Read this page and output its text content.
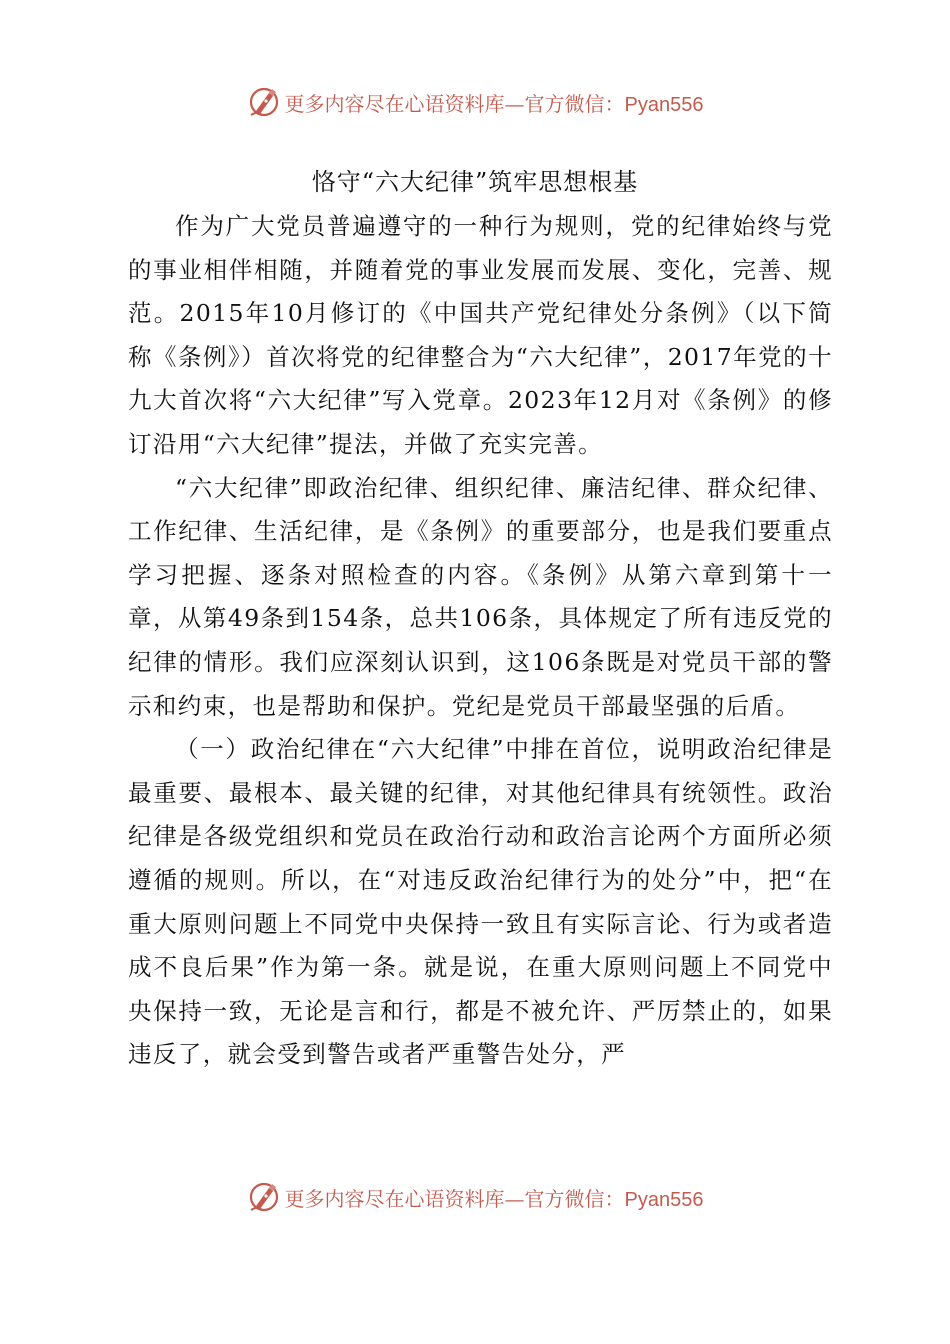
更多内容尽在心语资料库—官方微信：Pyan556
恪守“六大纪律”筑牢思想根基

作为广大党员普遍遵守的一种行为规则，党的纪律始终与党的事业相伴相随，并随着党的事业发展而发展、变化，完善、规范。2015年10月修订的《中国共产党纪律处分条例》（以下简称《条例》）首次将党的纪律整合为“六大纪律”，2017年党的十九大首次将“六大纪律”写入党章。2023年12月对《条例》的修订沿用“六大纪律”提法，并做了充实完善。

“六大纪律”即政治纪律、组织纪律、廉洁纪律、群众纪律、工作纪律、生活纪律，是《条例》的重要部分，也是我们要重点学习把握、逐条对照检查的内容。《条例》从第六章到第十一章，从第49条到154条，总共106条，具体规定了所有违反党的纪律的情形。我们应深刻认识到，这106条既是对党员干部的警示和约束，也是帮助和保护。党纪是党员干部最坚强的后盾。

（一）政治纪律在“六大纪律”中排在首位，说明政治纪律是最重要、最根本、最关键的纪律，对其他纪律具有统领性。政治纪律是各级党组织和党员在政治行动和政治言论两个方面所必须遵循的规则。所以，在“对违反政治纪律行为的处分”中，把“在重大原则问题上不同党中央保持一致且有实际言论、行为或者造成不良后果”作为第一条。就是说，在重大原则问题上不同党中央保持一致，无论是言和行，都是不被允许、严厉禁止的，如果违反了，就会受到警告或者严重警告处分，严

更多内容尽在心语资料库—官方微信：Pyan556
